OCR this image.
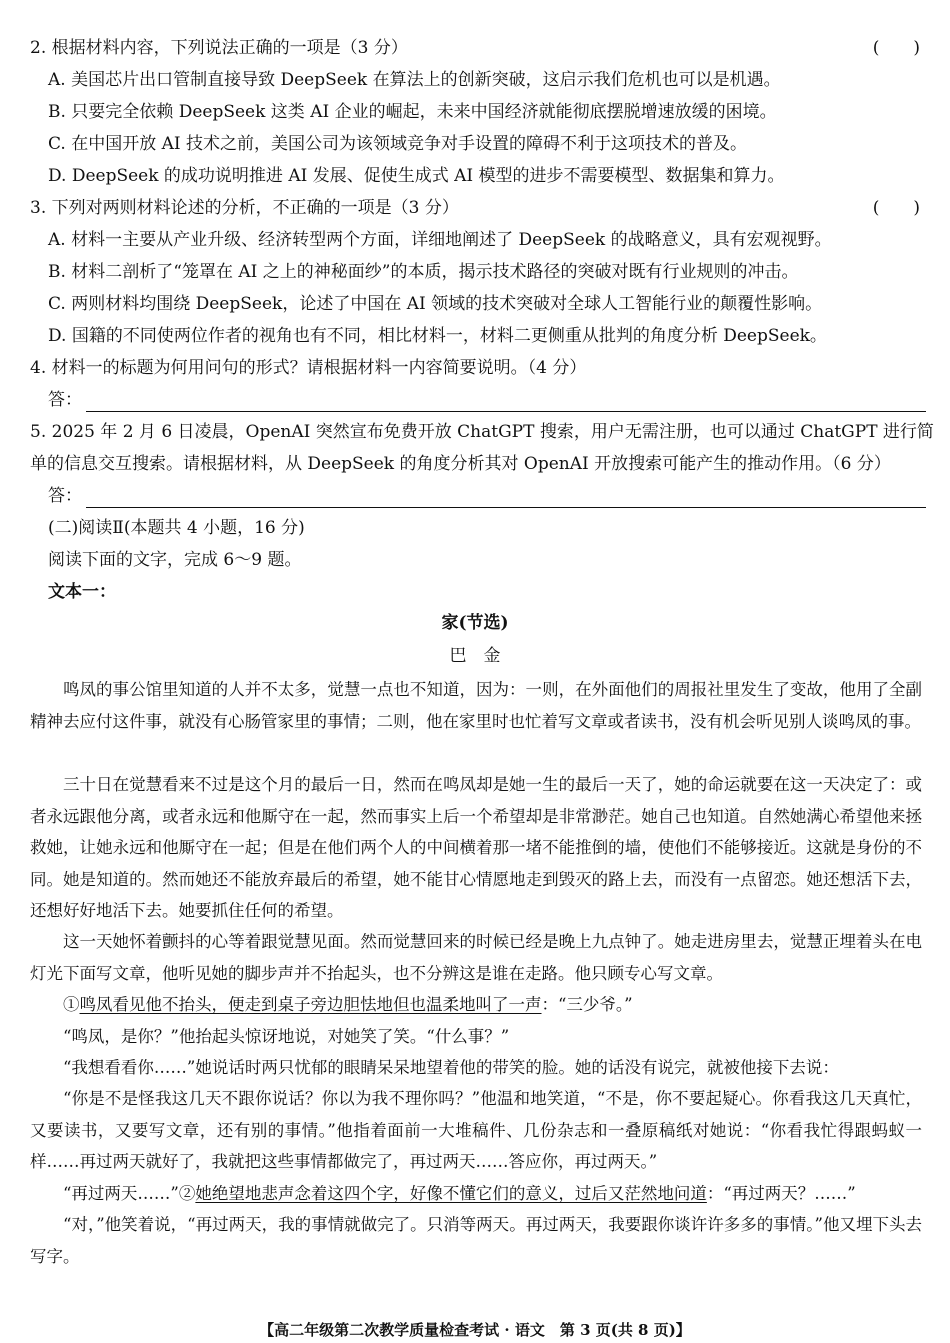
2. 根据材料内容，下列说法正确的一项是（3 分）	(　　)
A. 美国芯片出口管制直接导致 DeepSeek 在算法上的创新突破，这启示我们危机也可以是机遇。
B. 只要完全依赖 DeepSeek 这类 AI 企业的崛起，未来中国经济就能彻底摆脱增速放缓的困境。
C. 在中国开放 AI 技术之前，美国公司为该领域竞争对手设置的障碍不利于这项技术的普及。
D. DeepSeek 的成功说明推进 AI 发展、促使生成式 AI 模型的进步不需要模型、数据集和算力。
3. 下列对两则材料论述的分析，不正确的一项是（3 分）	(　　)
A. 材料一主要从产业升级、经济转型两个方面，详细地阐述了 DeepSeek 的战略意义，具有宏观视野。
B. 材料二剖析了“笼罩在 AI 之上的神秘面纱”的本质，揭示技术路径的突破对既有行业规则的冲击。
C. 两则材料均围绕 DeepSeek，论述了中国在 AI 领域的技术突破对全球人工智能行业的颠覆性影响。
D. 国籍的不同使两位作者的视角也有不同，相比材料一，材料二更侧重从批判的角度分析 DeepSeek。
4. 材料一的标题为何用问句的形式？请根据材料一内容简要说明。（4 分）
答：
5. 2025 年 2 月 6 日凌晨，OpenAI 突然宣布免费开放 ChatGPT 搜索，用户无需注册，也可以通过 ChatGPT 进行简
单的信息交互搜索。请根据材料，从 DeepSeek 的角度分析其对 OpenAI 开放搜索可能产生的推动作用。（6 分）
答：
(二)阅读Ⅱ(本题共 4 小题，16 分)
阅读下面的文字，完成 6～9 题。
文本一：
家(节选)
巴　金
鸣凤的事公馆里知道的人并不太多，觉慧一点也不知道，因为：一则，在外面他们的周报社里发生了变故，他用了全副精神去应付这件事，就没有心肠管家里的事情；二则，他在家里时也忙着写文章或者读书，没有机会听见别人谈鸣凤的事。
三十日在觉慧看来不过是这个月的最后一日，然而在鸣凤却是她一生的最后一天了，她的命运就要在这一天决定了：或者永远跟他分离，或者永远和他厮守在一起，然而事实上后一个希望却是非常渺茫。她自己也知道。自然她满心希望他来拯救她，让她永远和他厮守在一起；但是在他们两个人的中间横着那一堵不能推倒的墙，使他们不能够接近。这就是身份的不同。她是知道的。然而她还不能放弃最后的希望，她不能甘心情愿地走到毁灭的路上去，而没有一点留恋。她还想活下去，还想好好地活下去。她要抓住任何的希望。
这一天她怀着颤抖的心等着跟觉慧见面。然而觉慧回来的时候已经是晚上九点钟了。她走进房里去，觉慧正埋着头在电灯光下面写文章，他听见她的脚步声并不抬起头，也不分辨这是谁在走路。他只顾专心写文章。
①鸣凤看见他不抬头，便走到桌子旁边胆怯地但也温柔地叫了一声：“三少爷。”
“鸣凤，是你？”他抬起头惊讶地说，对她笑了笑。“什么事？”
“我想看看你……”她说话时两只忧郁的眼睛呆呆地望着他的带笑的脸。她的话没有说完，就被他接下去说：
“你是不是怪我这几天不跟你说话？你以为我不理你吗？”他温和地笑道，“不是，你不要起疑心。你看我这几天真忙，又要读书，又要写文章，还有别的事情。”他指着面前一大堆稿件、几份杂志和一叠原稿纸对她说：“你看我忙得跟蚂蚁一样……再过两天就好了，我就把这些事情都做完了，再过两天……答应你，再过两天。”
“再过两天……”②她绝望地悲声念着这四个字，好像不懂它们的意义，过后又茫然地问道：“再过两天？……”
“对，”他笑着说，“再过两天，我的事情就做完了。只消等两天。再过两天，我要跟你谈许许多多的事情。”他又埋下头去写字。
【高二年级第二次教学质量检查考试 · 语文　第 3 页(共 8 页)】
